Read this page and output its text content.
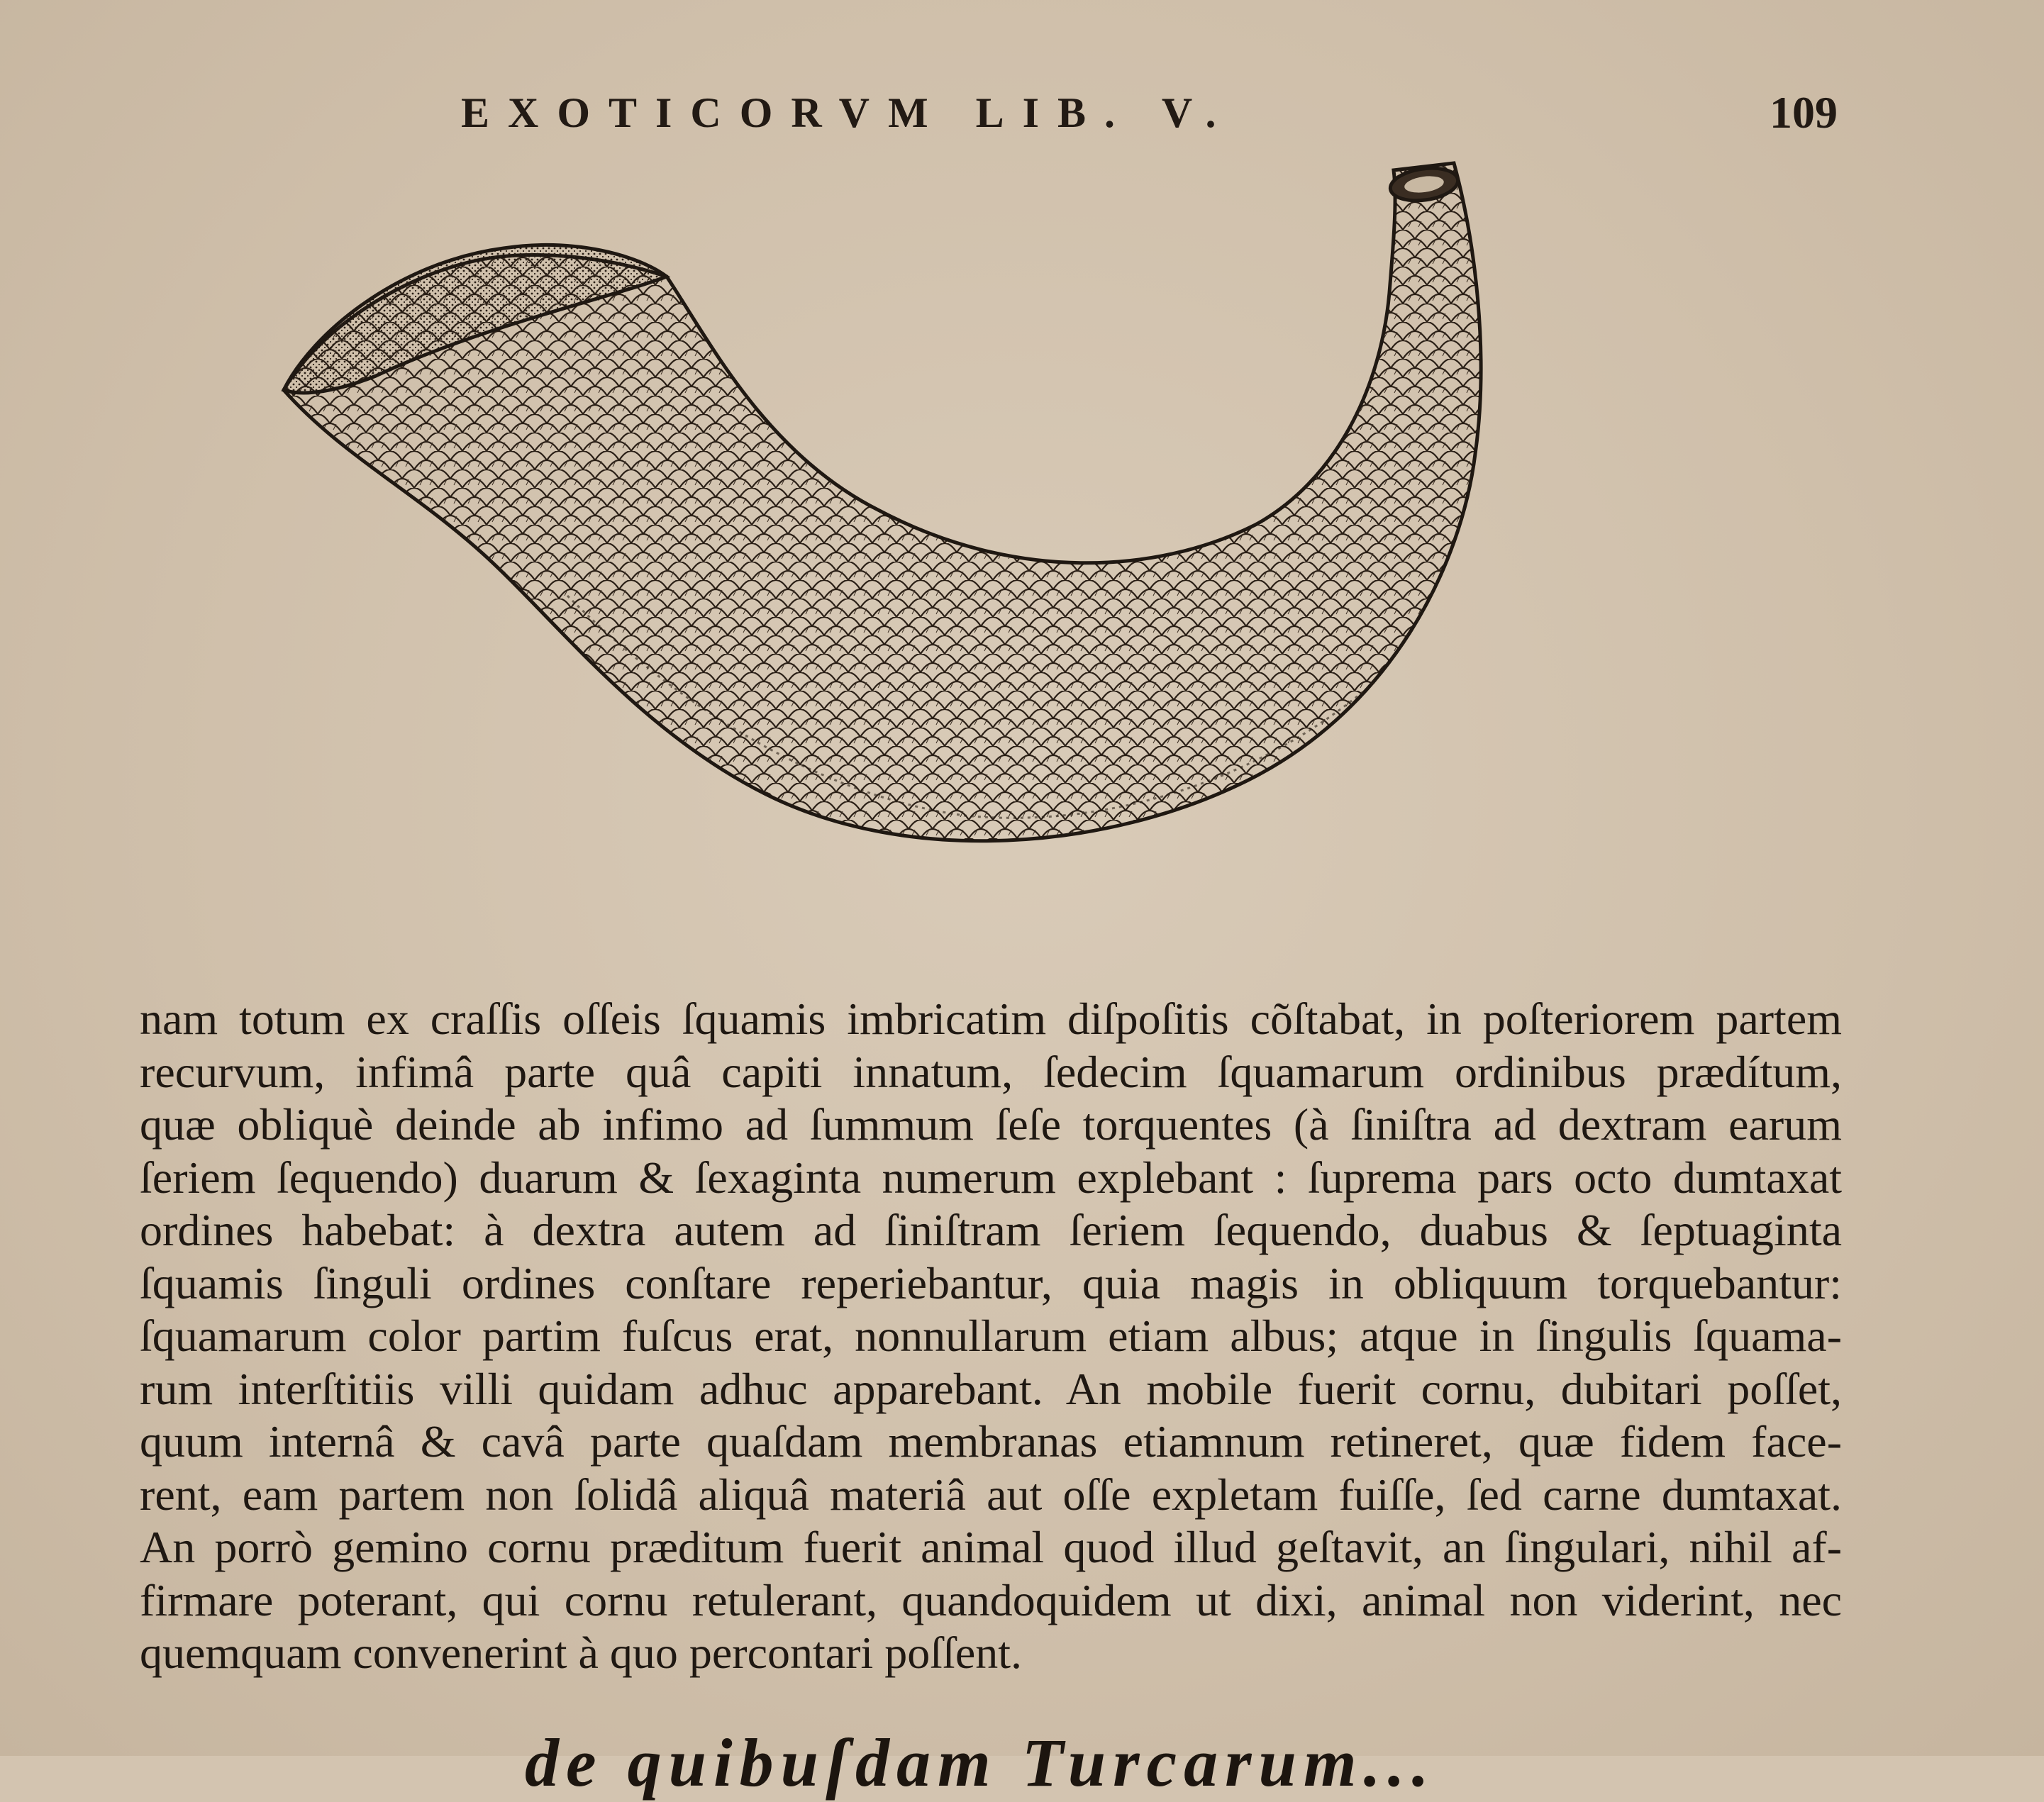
EXOTICORVM LIB. V.	109
nam totum ex craſſis oſſeis ſquamis imbricatim diſpoſitis cõſtabat, in poſteriorem partem
recurvum, infimâ parte quâ capiti innatum, ſedecim ſquamarum ordinibus prædítum,
quæ obliquè deinde ab infimo ad ſummum ſeſe torquentes (à ſiniſtra ad dextram earum
ſeriem ſequendo) duarum & ſexaginta numerum explebant : ſuprema pars octo dumtaxat
ordines habebat: à dextra autem ad ſiniſtram ſeriem ſequendo, duabus & ſeptuaginta
ſquamis ſinguli ordines conſtare reperiebantur, quia magis in obliquum torquebantur:
ſquamarum color partim fuſcus erat, nonnullarum etiam albus; atque in ſingulis ſquama-
rum interſtitiis villi quidam adhuc apparebant. An mobile fuerit cornu, dubitari poſſet,
quum internâ & cavâ parte quaſdam membranas etiamnum retineret, quæ fidem face-
rent, eam partem non ſolidâ aliquâ materiâ aut oſſe expletam fuiſſe, ſed carne dumtaxat.
An porrò gemino cornu præditum fuerit animal quod illud geſtavit, an ſingulari, nihil af-
firmare poterant, qui cornu retulerant, quandoquidem ut dixi, animal non viderint, nec
quemquam convenerint à quo percontari poſſent.
de quibuſdam Turcarum...
